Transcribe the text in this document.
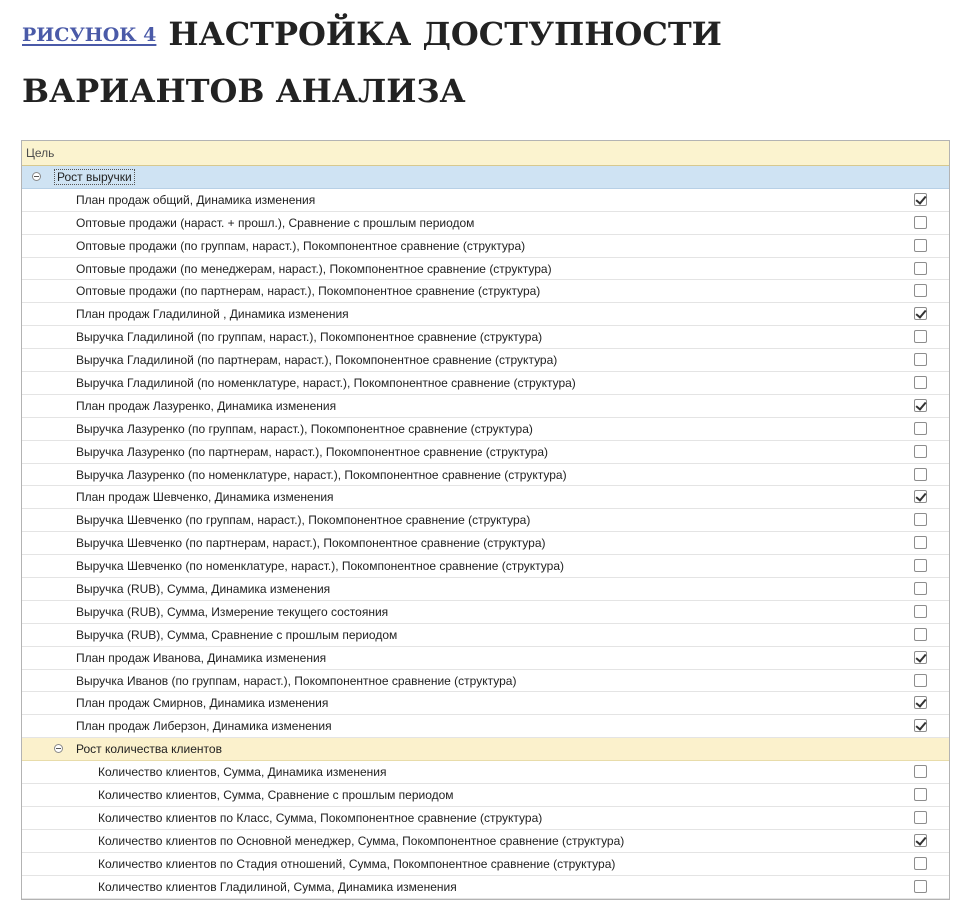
РИСУНОК 4 НАСТРОЙКА ДОСТУПНОСТИ
ВАРИАНТОВ АНАЛИЗА
Цель
Рост выручки
План продаж общий, Динамика изменения
Оптовые продажи (нараст. + прошл.), Сравнение с прошлым периодом
Оптовые продажи (по группам, нараст.), Покомпонентное сравнение (структура)
Оптовые продажи (по менеджерам, нараст.), Покомпонентное сравнение (структура)
Оптовые продажи (по партнерам, нараст.), Покомпонентное сравнение (структура)
План продаж Гладилиной , Динамика изменения
Выручка Гладилиной (по группам, нараст.), Покомпонентное сравнение (структура)
Выручка Гладилиной (по партнерам, нараст.), Покомпонентное сравнение (структура)
Выручка Гладилиной (по номенклатуре, нараст.), Покомпонентное сравнение (структура)
План продаж Лазуренко, Динамика изменения
Выручка Лазуренко (по группам, нараст.), Покомпонентное сравнение (структура)
Выручка Лазуренко (по партнерам, нараст.), Покомпонентное сравнение (структура)
Выручка Лазуренко (по номенклатуре, нараст.), Покомпонентное сравнение (структура)
План продаж Шевченко, Динамика изменения
Выручка Шевченко (по группам, нараст.), Покомпонентное сравнение (структура)
Выручка Шевченко (по партнерам, нараст.), Покомпонентное сравнение (структура)
Выручка Шевченко (по номенклатуре, нараст.), Покомпонентное сравнение (структура)
Выручка (RUB), Сумма, Динамика изменения
Выручка (RUB), Сумма, Измерение текущего состояния
Выручка (RUB), Сумма, Сравнение с прошлым периодом
План продаж Иванова, Динамика изменения
Выручка Иванов (по группам, нараст.), Покомпонентное сравнение (структура)
План продаж Смирнов, Динамика изменения
План продаж Либерзон, Динамика изменения
Рост количества клиентов
Количество клиентов, Сумма, Динамика изменения
Количество клиентов, Сумма, Сравнение с прошлым периодом
Количество клиентов по Класс, Сумма, Покомпонентное сравнение (структура)
Количество клиентов по Основной менеджер, Сумма, Покомпонентное сравнение (структура)
Количество клиентов по Стадия отношений, Сумма, Покомпонентное сравнение (структура)
Количество клиентов Гладилиной, Сумма, Динамика изменения
